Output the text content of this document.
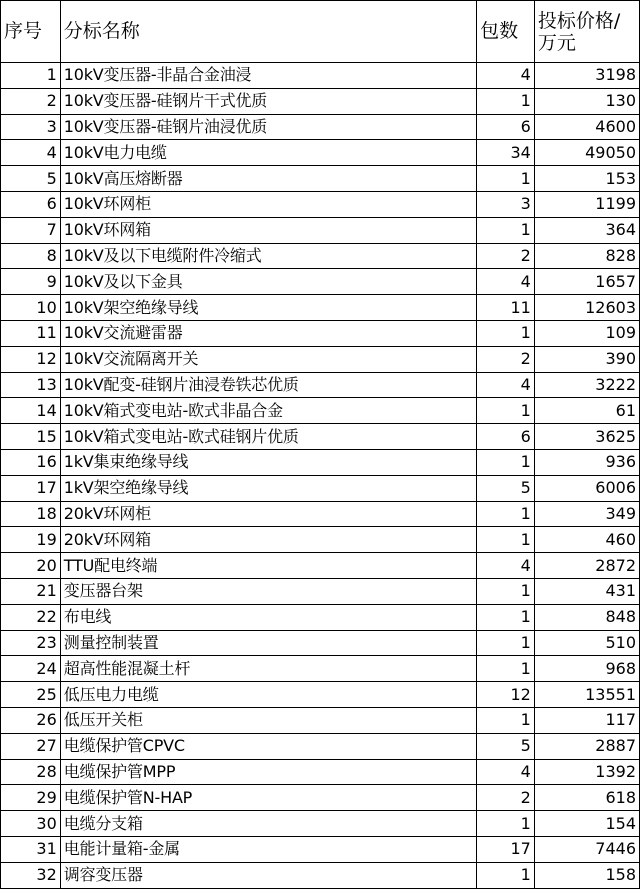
序号	分标名称	包数	投标价格/万元
1	10kV变压器-非晶合金油浸	4	3198
2	10kV变压器-硅钢片干式优质	1	130
3	10kV变压器-硅钢片油浸优质	6	4600
4	10kV电力电缆	34	49050
5	10kV高压熔断器	1	153
6	10kV环网柜	3	1199
7	10kV环网箱	1	364
8	10kV及以下电缆附件冷缩式	2	828
9	10kV及以下金具	4	1657
10	10kV架空绝缘导线	11	12603
11	10kV交流避雷器	1	109
12	10kV交流隔离开关	2	390
13	10kV配变-硅钢片油浸卷铁芯优质	4	3222
14	10kV箱式变电站-欧式非晶合金	1	61
15	10kV箱式变电站-欧式硅钢片优质	6	3625
16	1kV集束绝缘导线	1	936
17	1kV架空绝缘导线	5	6006
18	20kV环网柜	1	349
19	20kV环网箱	1	460
20	TTU配电终端	4	2872
21	变压器台架	1	431
22	布电线	1	848
23	测量控制装置	1	510
24	超高性能混凝土杆	1	968
25	低压电力电缆	12	13551
26	低压开关柜	1	117
27	电缆保护管CPVC	5	2887
28	电缆保护管MPP	4	1392
29	电缆保护管N-HAP	2	618
30	电缆分支箱	1	154
31	电能计量箱-金属	17	7446
32	调容变压器	1	158
